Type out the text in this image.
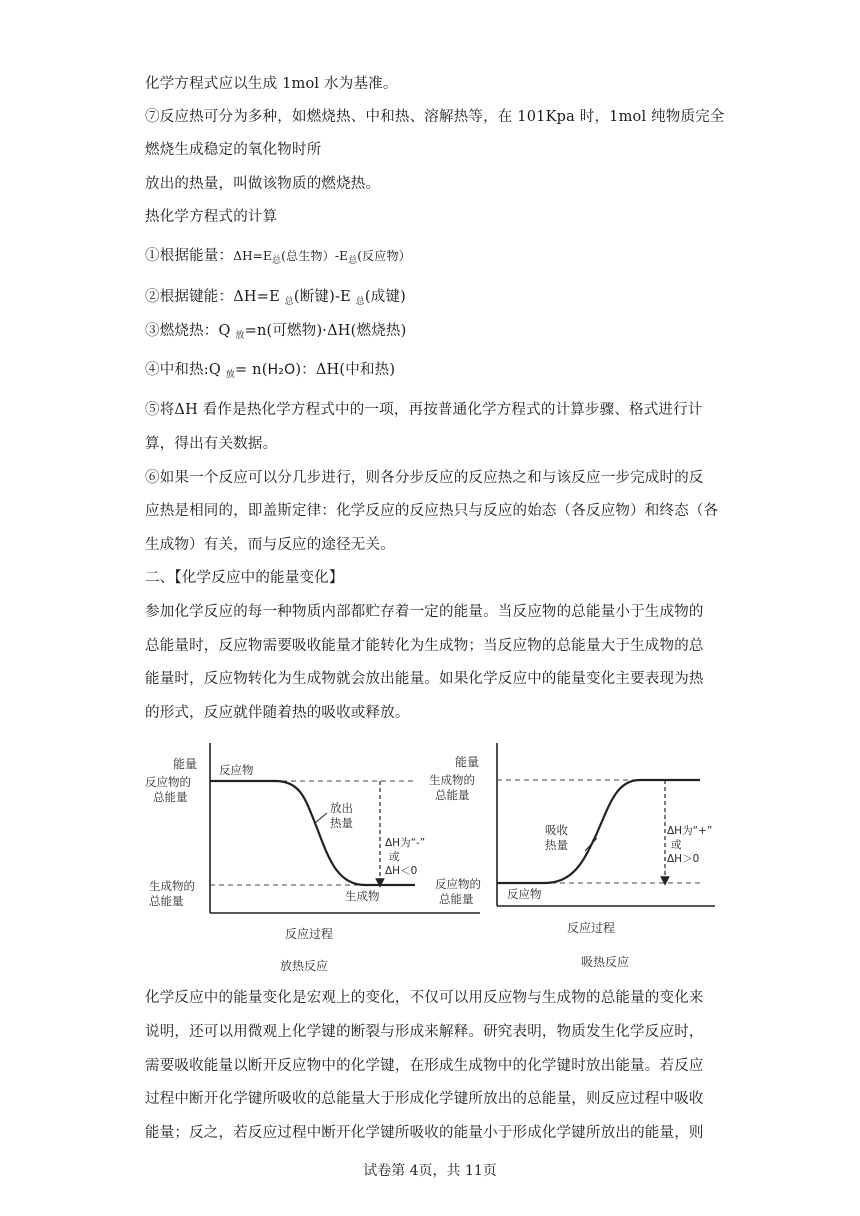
化学方程式应以生成 1mol 水为基准。
⑦反应热可分为多种，如燃烧热、中和热、溶解热等，在 101Kpa 时，1mol 纯物质完全
燃烧生成稳定的氧化物时所
放出的热量，叫做该物质的燃烧热。
热化学方程式的计算
①根据能量：$\Delta H=E_总$(总生物）$-E_总$(反应物）
②根据键能：ΔH=E $_总$(断键)-E $_总$(成键)
③燃烧热：Q $_放$=n(可燃物)·ΔH(燃烧热)
④中和热:Q $_放$= n(H₂O)：ΔH(中和热)
⑤将ΔH 看作是热化学方程式中的一项，再按普通化学方程式的计算步骤、格式进行计
算，得出有关数据。
⑥如果一个反应可以分几步进行，则各分步反应的反应热之和与该反应一步完成时的反
应热是相同的，即盖斯定律：化学反应的反应热只与反应的始态（各反应物）和终态（各
生成物）有关，而与反应的途径无关。
二、【化学反应中的能量变化】
参加化学反应的每一种物质内部都贮存着一定的能量。当反应物的总能量小于生成物的
总能量时，反应物需要吸收能量才能转化为生成物；当反应物的总能量大于生成物的总
能量时，反应物转化为生成物就会放出能量。如果化学反应中的能量变化主要表现为热
的形式，反应就伴随着热的吸收或释放。
能量
反应物的
总能量
反应物
放出
热量
ΔH为“-”
或
ΔH＜0
生成物的
总能量	生成物
反应过程
放热反应
能量
生成物的
总能量
吸收
热量
ΔH为“+”
或
ΔH＞0
反应物的
总能量	反应物
反应过程
吸热反应
化学反应中的能量变化是宏观上的变化，不仅可以用反应物与生成物的总能量的变化来
说明，还可以用微观上化学键的断裂与形成来解释。研究表明，物质发生化学反应时，
需要吸收能量以断开反应物中的化学键，在形成生成物中的化学键时放出能量。若反应
过程中断开化学键所吸收的总能量大于形成化学键所放出的总能量，则反应过程中吸收
能量；反之，若反应过程中断开化学键所吸收的能量小于形成化学键所放出的能量，则
试卷第 4页，共 11页
